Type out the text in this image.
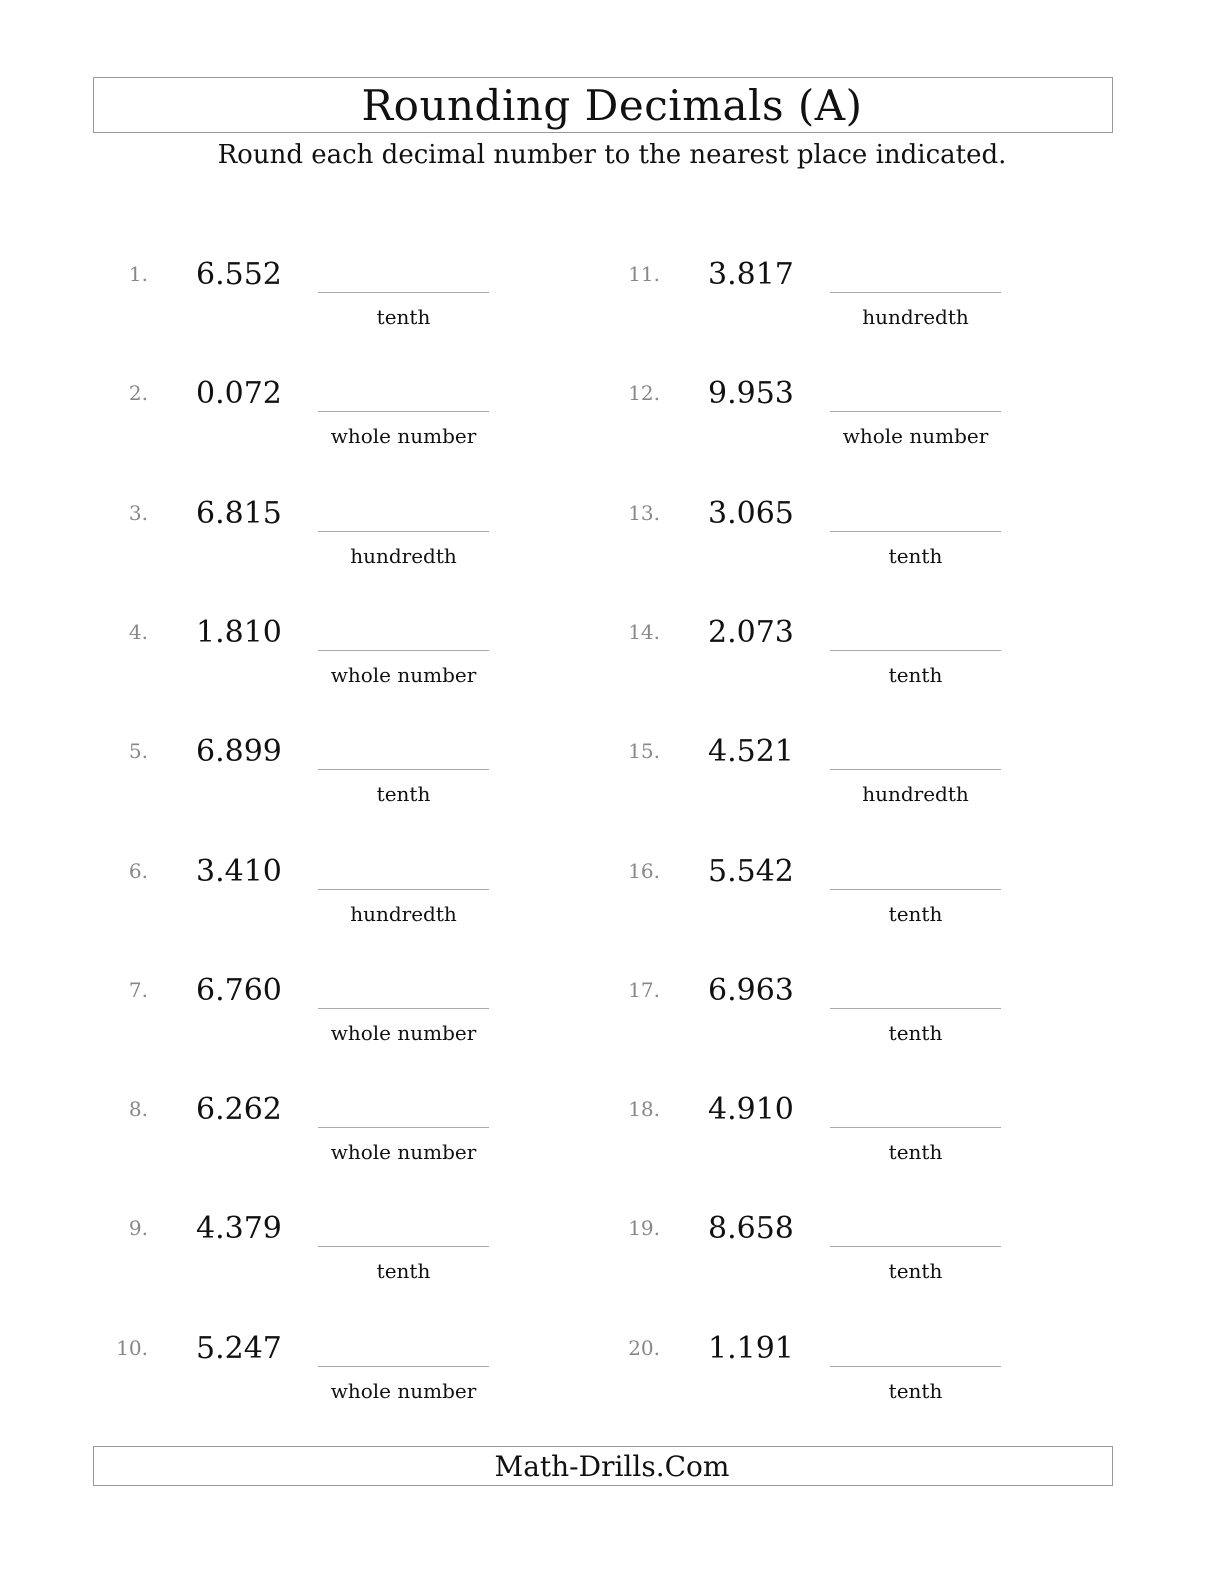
Rounding Decimals (A)
Round each decimal number to the nearest place indicated.
1. 6.552
tenth
2. 0.072
whole number
3. 6.815
hundredth
4. 1.810
whole number
5. 6.899
tenth
6. 3.410
hundredth
7. 6.760
whole number
8. 6.262
whole number
9. 4.379
tenth
10. 5.247
whole number
11. 3.817
hundredth
12. 9.953
whole number
13. 3.065
tenth
14. 2.073
tenth
15. 4.521
hundredth
16. 5.542
tenth
17. 6.963
tenth
18. 4.910
tenth
19. 8.658
tenth
20. 1.191
tenth
Math-Drills.Com
